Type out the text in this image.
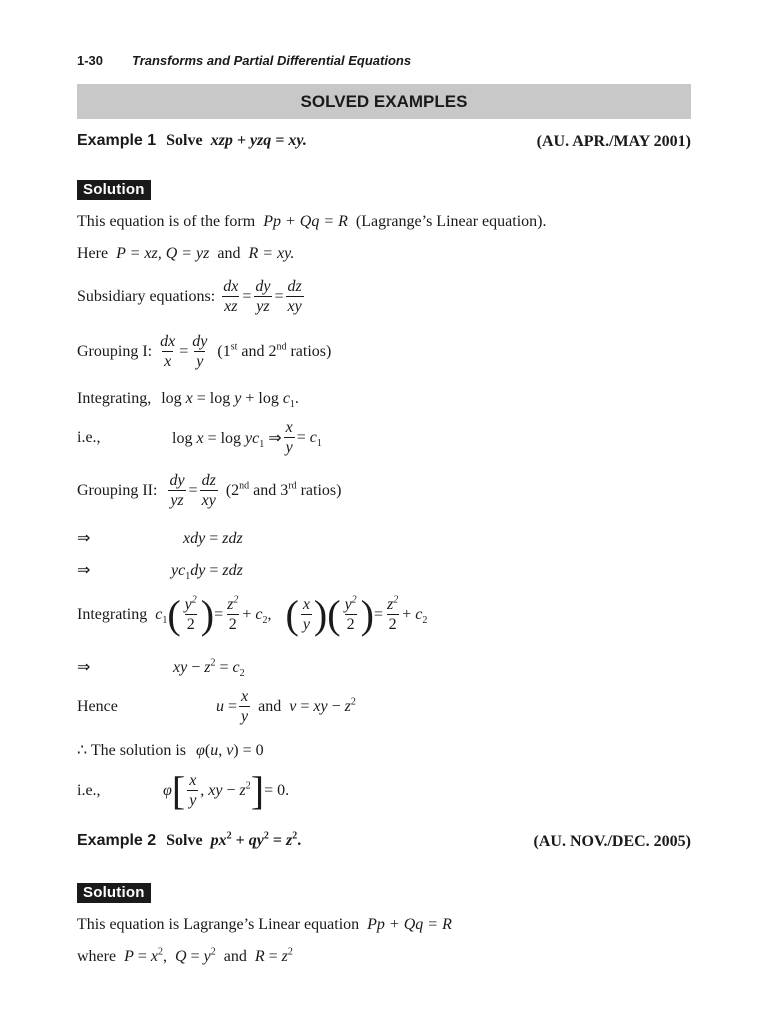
1-30 Transforms and Partial Differential Equations
SOLVED EXAMPLES
Example 1 Solve xzp + yzq = xy.	(AU. APR./MAY 2001)
Solution
This equation is of the form Pp + Qq = R (Lagrange’s Linear equation).
Here P = xz, Q = yz and R = xy.
Subsidiary equations: $\frac{dx}{xz} = \frac{dy}{yz} = \frac{dz}{xy}$
Grouping I: $\frac{dx}{x} = \frac{dy}{y} (1st$ and 2nd ratios)
Integrating, $\log x = \log y + \log c_1$.
i.e.,	$\log x = \log yc_1$ ⇒ $\frac{x}{y} = c_1$
Grouping II: $\frac{dy}{yz} = \frac{dz}{xy} (2nd$ and 3rd ratios)
⇒	xdy = zdz
⇒	$yc_1dy$ = zdz
Integrating $c_1$ ( $\frac{y^2}{2}$ ) = $\frac{z^2}{2} + c_2$, ( $\frac{x}{y}$ )( $\frac{y^2}{2}$ ) = $\frac{z^2}{2} + c_2$
⇒	xy − $z^2 = c_2$
Hence	$u = \frac{x}{y}$ and v = xy − $z^2$
∴ The solution is φ(u, v) = 0
i.e.,	φ [ $\frac{x}{y}$ , xy − $z^2$ ] = 0.
Example 2 Solve $px^2 + qy^2 = z^2$.	(AU. NOV./DEC. 2005)
Solution
This equation is Lagrange’s Linear equation Pp + Qq = R
where $P = x^2$,  $Q = y^2$ and $R = z^2$
